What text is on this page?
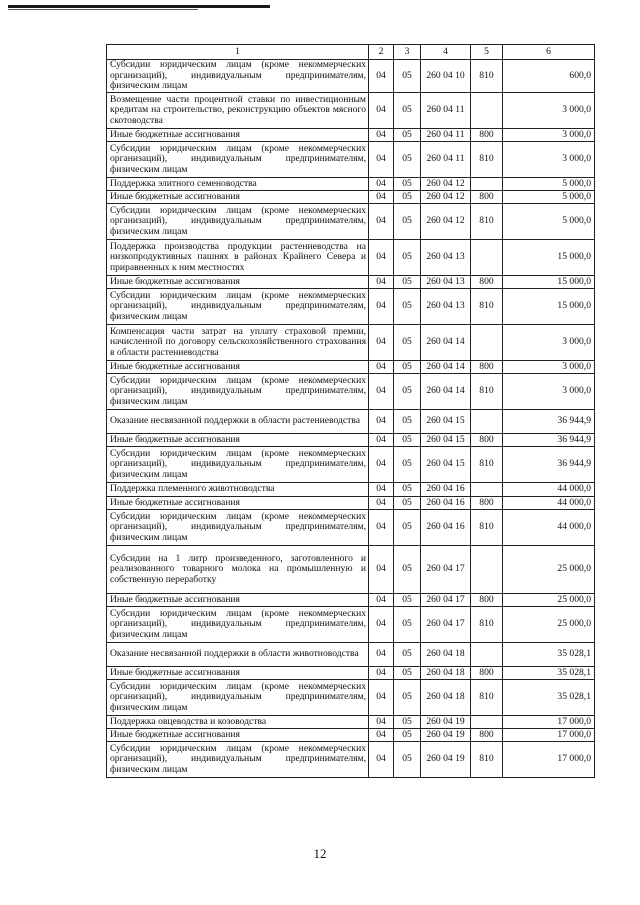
1	2	3	4	5	6
Субсидии юридическим лицам (кроме некоммерческих организаций), индивидуальным предпринимателям, физическим лицам	04	05	260 04 10	810	600,0
Возмещение части процентной ставки по инвестиционным кредитам на строительство, реконструкцию объектов мясного скотоводства	04	05	260 04 11		3 000,0
Иные бюджетные ассигнования	04	05	260 04 11	800	3 000,0
Субсидии юридическим лицам (кроме некоммерческих организаций), индивидуальным предпринимателям, физическим лицам	04	05	260 04 11	810	3 000,0
Поддержка элитного семеноводства	04	05	260 04 12		5 000,0
Иные бюджетные ассигнования	04	05	260 04 12	800	5 000,0
Субсидии юридическим лицам (кроме некоммерческих организаций), индивидуальным предпринимателям, физическим лицам	04	05	260 04 12	810	5 000,0
Поддержка производства продукции растениеводства на низкопродуктивных пашнях в районах Крайнего Севера и приравненных к ним местностях	04	05	260 04 13		15 000,0
Иные бюджетные ассигнования	04	05	260 04 13	800	15 000,0
Субсидии юридическим лицам (кроме некоммерческих организаций), индивидуальным предпринимателям, физическим лицам	04	05	260 04 13	810	15 000,0
Компенсация части затрат на уплату страховой премии, начисленной по договору сельскохозяйственного страхования в области растениеводства	04	05	260 04 14		3 000,0
Иные бюджетные ассигнования	04	05	260 04 14	800	3 000,0
Субсидии юридическим лицам (кроме некоммерческих организаций), индивидуальным предпринимателям, физическим лицам	04	05	260 04 14	810	3 000,0
Оказание несвязанной поддержки в области растениеводства	04	05	260 04 15		36 944,9
Иные бюджетные ассигнования	04	05	260 04 15	800	36 944,9
Субсидии юридическим лицам (кроме некоммерческих организаций), индивидуальным предпринимателям, физическим лицам	04	05	260 04 15	810	36 944,9
Поддержка племенного животноводства	04	05	260 04 16		44 000,0
Иные бюджетные ассигнования	04	05	260 04 16	800	44 000,0
Субсидии юридическим лицам (кроме некоммерческих организаций), индивидуальным предпринимателям, физическим лицам	04	05	260 04 16	810	44 000,0
Субсидии на 1 литр произведенного, заготовленного и реализованного товарного молока на промышленную и собственную переработку	04	05	260 04 17		25 000,0
Иные бюджетные ассигнования	04	05	260 04 17	800	25 000,0
Субсидии юридическим лицам (кроме некоммерческих организаций), индивидуальным предпринимателям, физическим лицам	04	05	260 04 17	810	25 000,0
Оказание несвязанной поддержки в области животноводства	04	05	260 04 18		35 028,1
Иные бюджетные ассигнования	04	05	260 04 18	800	35 028,1
Субсидии юридическим лицам (кроме некоммерческих организаций), индивидуальным предпринимателям, физическим лицам	04	05	260 04 18	810	35 028,1
Поддержка овцеводства и козоводства	04	05	260 04 19		17 000,0
Иные бюджетные ассигнования	04	05	260 04 19	800	17 000,0
Субсидии юридическим лицам (кроме некоммерческих организаций), индивидуальным предпринимателям, физическим лицам	04	05	260 04 19	810	17 000,0
12
